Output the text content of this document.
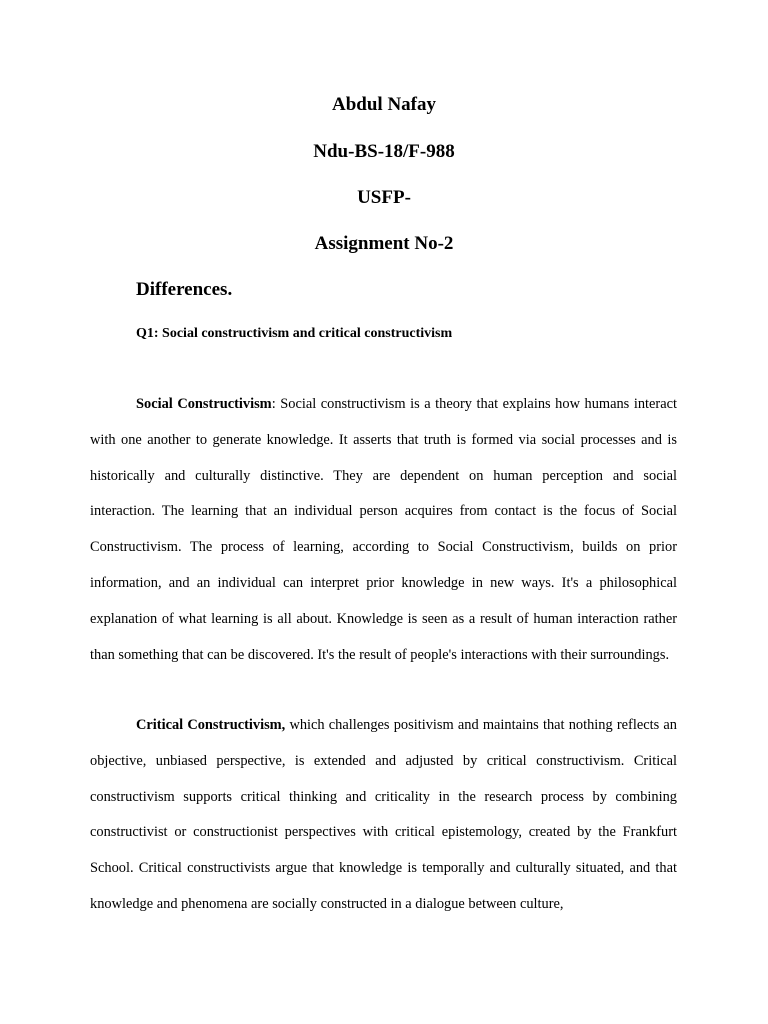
Abdul Nafay
Ndu-BS-18/F-988
USFP-
Assignment No-2
Differences.
Q1: Social constructivism and critical constructivism

Social Constructivism: Social constructivism is a theory that explains how humans interact with one another to generate knowledge. It asserts that truth is formed via social processes and is historically and culturally distinctive. They are dependent on human perception and social interaction. The learning that an individual person acquires from contact is the focus of Social Constructivism. The process of learning, according to Social Constructivism, builds on prior information, and an individual can interpret prior knowledge in new ways. It's a philosophical explanation of what learning is all about. Knowledge is seen as a result of human interaction rather than something that can be discovered. It's the result of people's interactions with their surroundings.

Critical Constructivism, which challenges positivism and maintains that nothing reflects an objective, unbiased perspective, is extended and adjusted by critical constructivism. Critical constructivism supports critical thinking and criticality in the research process by combining constructivist or constructionist perspectives with critical epistemology, created by the Frankfurt School. Critical constructivists argue that knowledge is temporally and culturally situated, and that knowledge and phenomena are socially constructed in a dialogue between culture,
